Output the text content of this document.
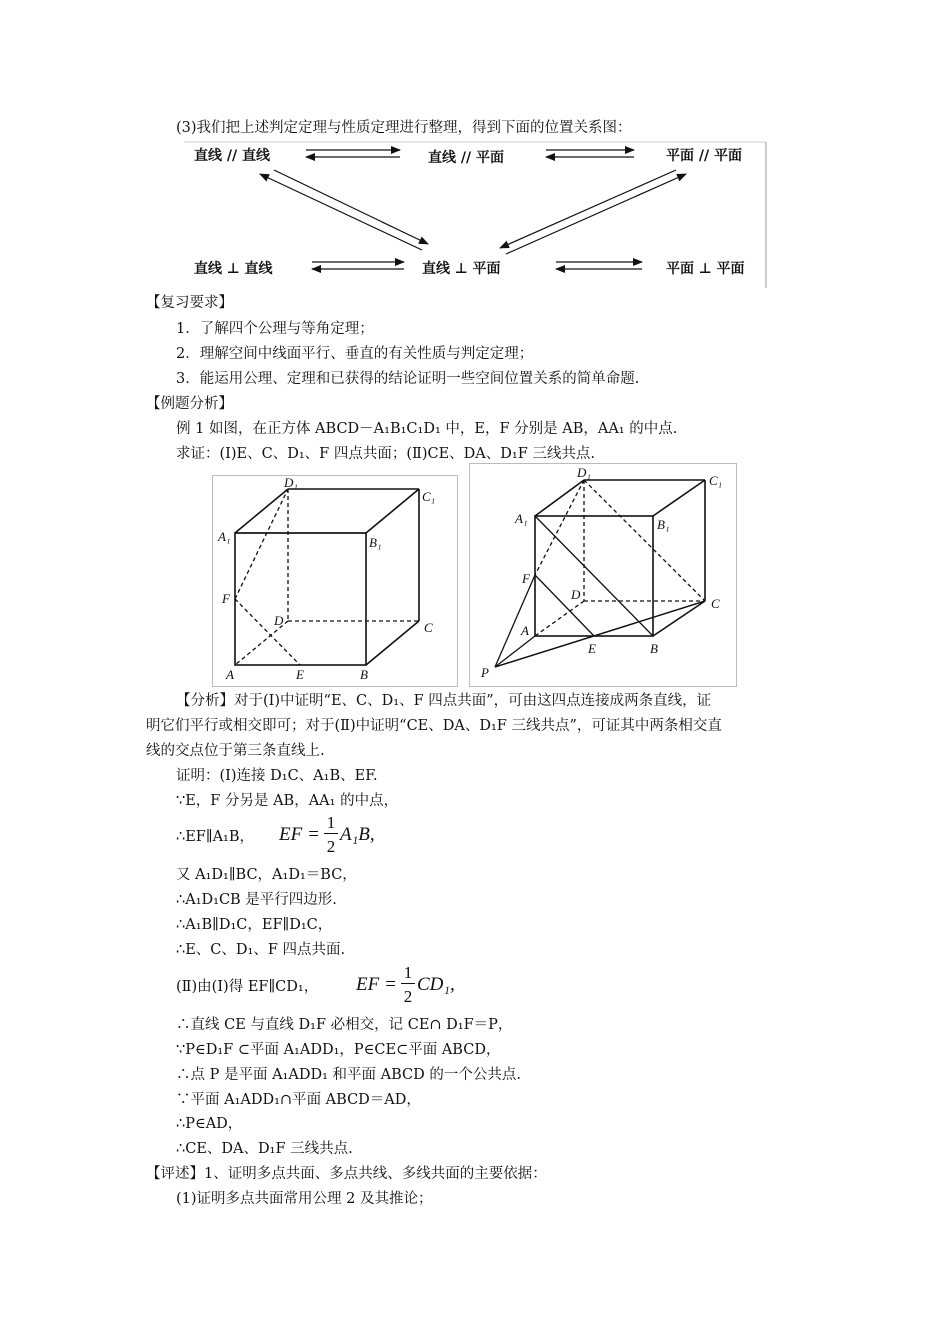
(3)我们把上述判定定理与性质定理进行整理，得到下面的位置关系图：
直线 // 直线	直线 // 平面	平面 // 平面
直线 ⊥ 直线	直线 ⊥ 平面	平面 ⊥ 平面
【复习要求】
1．了解四个公理与等角定理；
2．理解空间中线面平行、垂直的有关性质与判定定理；
3．能运用公理、定理和已获得的结论证明一些空间位置关系的简单命题.
【例题分析】
例 1 如图，在正方体 ABCD－A₁B₁C₁D₁ 中，E，F 分别是 AB，AA₁ 的中点.
求证：(Ⅰ)E、C、D₁、F 四点共面；(Ⅱ)CE、DA、D₁F 三线共点.
D₁
C₁
A₁	B₁
F
D	C
A	E	B
D₁
C₁
A₁	B₁
F
D
C
A
E	B
P
【分析】对于(Ⅰ)中证明“E、C、D₁、F 四点共面”，可由这四点连接成两条直线，证
明它们平行或相交即可；对于(Ⅱ)中证明“CE、DA、D₁F 三线共点”，可证其中两条相交直
线的交点位于第三条直线上.
证明：(Ⅰ)连接 D₁C、A₁B、EF.
∵E，F 分另是 AB，AA₁ 的中点，
∴EF∥A₁B， EF =
1
2
A₁B,
又 A₁D₁∥BC，A₁D₁＝BC，
∴A₁D₁CB 是平行四边形.
∴A₁B∥D₁C，EF∥D₁C，
∴E、C、D₁、F 四点共面.
(Ⅱ)由(Ⅰ)得 EF∥CD₁， EF =
1
2
CD₁,
∴直线 CE 与直线 D₁F 必相交，记 CE∩ D₁F＝P，
∵P∈D₁F ⊂平面 A₁ADD₁，P∈CE⊂平面 ABCD，
∴点 P 是平面 A₁ADD₁ 和平面 ABCD 的一个公共点.
∵平面 A₁ADD₁∩平面 ABCD＝AD，
∴P∈AD，
∴CE、DA、D₁F 三线共点.
【评述】1、证明多点共面、多点共线、多线共面的主要依据：
(1)证明多点共面常用公理 2 及其推论；
